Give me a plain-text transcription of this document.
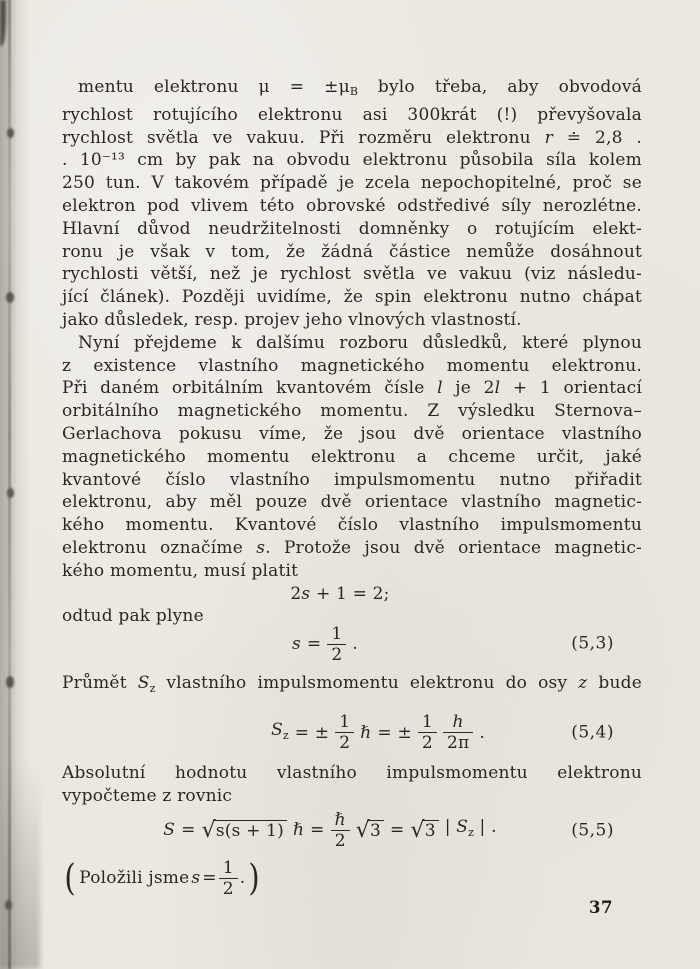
mentu elektronu $\mu = \pm\mu_B$ bylo třeba, aby obvodová
rychlost rotujícího elektronu asi 300krát (!) převyšovala
rychlost světla ve vakuu. Při rozměru elektronu r ≐ 2,8 .
. 10⁻¹³ cm by pak na obvodu elektronu působila síla kolem
250 tun. V takovém případě je zcela nepochopitelné, proč se
elektron pod vlivem této obrovské odstředivé síly nerozlétne.
Hlavní důvod neudržitelnosti domněnky o rotujícím elekt-
ronu je však v tom, že žádná částice nemůže dosáhnout
rychlosti větší, než je rychlost světla ve vakuu (viz následu-
jící článek). Později uvidíme, že spin elektronu nutno chápat
jako důsledek, resp. projev jeho vlnových vlastností.
Nyní přejdeme k dalšímu rozboru důsledků, které plynou
z existence vlastního magnetického momentu elektronu.
Při daném orbitálním kvantovém čísle l je 2l + 1 orientací
orbitálního magnetického momentu. Z výsledku Sternova–
Gerlachova pokusu víme, že jsou dvě orientace vlastního
magnetického momentu elektronu a chceme určit, jaké
kvantové číslo vlastního impulsmomentu nutno přiřadit
elektronu, aby měl pouze dvě orientace vlastního magnetic-
kého momentu. Kvantové číslo vlastního impulsmomentu
elektronu označíme s. Protože jsou dvě orientace magnetic-
kého momentu, musí platit
2s + 1 = 2;
odtud pak plyne
$s = \frac{1}{2}$ .	(5,3)
Průmět $S_z$ vlastního impulsmomentu elektronu do osy z bude
$S_z$ = ± $\frac{1}{2}$ ℏ = ± $\frac{1}{2} \frac{h}{2\pi}$ .	(5,4)
Absolutní hodnotu vlastního impulsmomentu elektronu
vypočteme z rovnic
S = √ s(s + 1) ℏ = $\frac{\text{ℏ}}{2}$ √ 3 = √ 3 | $S_z$ | .	(5,5)
( Položili jsme $s = \frac{1}{2}$ . )
37
